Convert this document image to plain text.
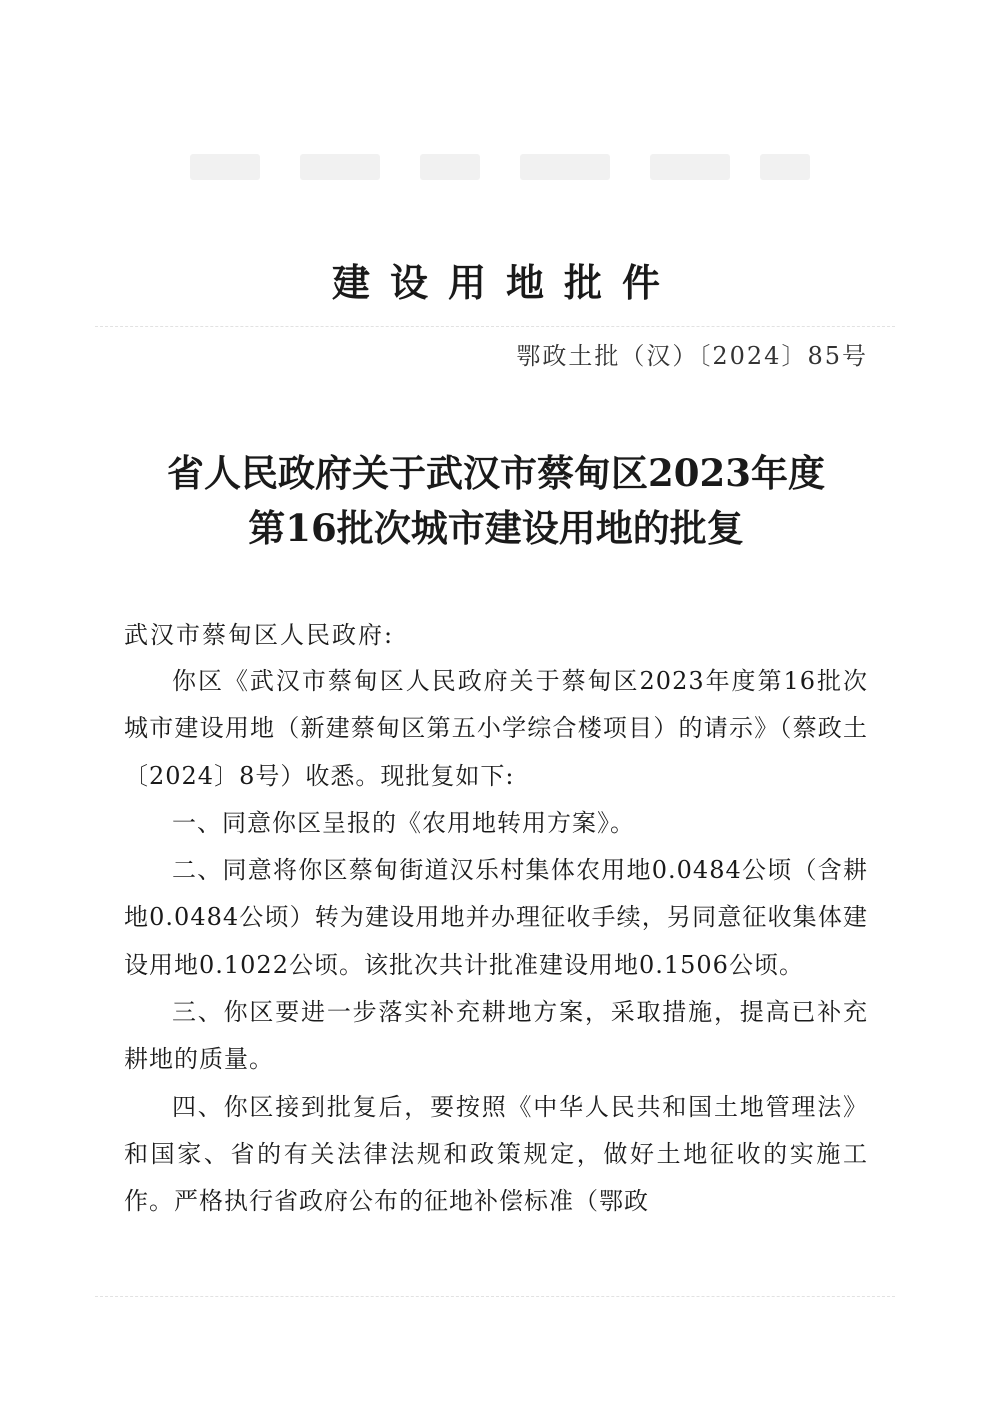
建设用地批件
鄂政土批（汉）〔2024〕85号
省人民政府关于武汉市蔡甸区2023年度
第16批次城市建设用地的批复
武汉市蔡甸区人民政府:

你区《武汉市蔡甸区人民政府关于蔡甸区2023年度第16批次城市建设用地（新建蔡甸区第五小学综合楼项目）的请示》（蔡政土〔2024〕8号）收悉。现批复如下:

一、同意你区呈报的《农用地转用方案》。

二、同意将你区蔡甸街道汉乐村集体农用地0.0484公顷（含耕地0.0484公顷）转为建设用地并办理征收手续，另同意征收集体建设用地0.1022公顷。该批次共计批准建设用地0.1506公顷。

三、你区要进一步落实补充耕地方案，采取措施，提高已补充耕地的质量。

四、你区接到批复后，要按照《中华人民共和国土地管理法》和国家、省的有关法律法规和政策规定，做好土地征收的实施工作。严格执行省政府公布的征地补偿标准（鄂政
